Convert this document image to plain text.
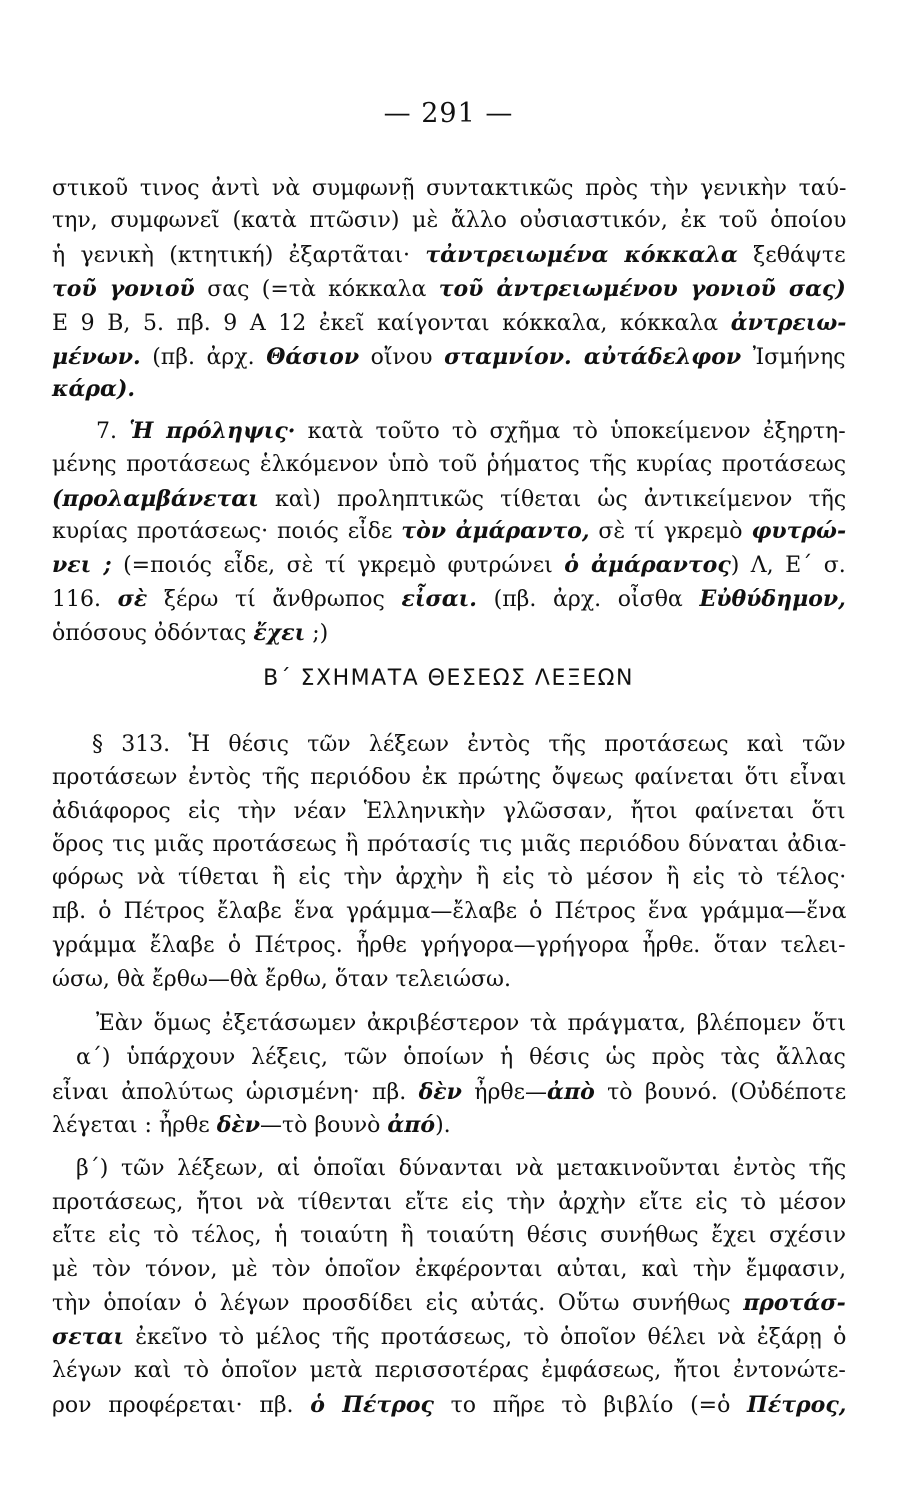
— 291 —
Β΄ ΣΧΗΜΑΤΑ ΘΕΣΕΩΣ ΛΕΞΕΩΝ
στικοῦ τινος ἀντὶ νὰ συμφωνῇ συντακτικῶς πρὸς τὴν γενικὴν ταύ-
την, συμφωνεῖ (κατὰ πτῶσιν) μὲ ἄλλο οὐσιαστικόν, ἐκ τοῦ ὁποίου
ἡ γενικὴ (κτητική) ἐξαρτᾶται· τἀντρειωμένα κόκκαλα ξεθάψτε
τοῦ γονιοῦ σας (=τὰ κόκκαλα τοῦ ἀντρειωμένου γονιοῦ σας)
Ε 9 Β, 5. πβ. 9 Α 12 ἐκεῖ καίγονται κόκκαλα, κόκκαλα ἀντρειω-
μένων. (πβ. ἀρχ. Θάσιον οἴνου σταμνίον. αὐτάδελφον Ἰσμήνης
κάρα).
7. Ἡ πρόληψις· κατὰ τοῦτο τὸ σχῆμα τὸ ὑποκείμενον ἐξηρτη-
μένης προτάσεως ἑλκόμενον ὑπὸ τοῦ ῥήματος τῆς κυρίας προτάσεως
(προλαμβάνεται καὶ) προληπτικῶς τίθεται ὡς ἀντικείμενον τῆς
κυρίας προτάσεως· ποιός εἶδε τὸν ἀμάραντο, σὲ τί γκρεμὸ φυτρώ-
νει ; (=ποιός εἶδε, σὲ τί γκρεμὸ φυτρώνει ὁ ἀμάραντος) Λ, Ε΄ σ.
116. σὲ ξέρω τί ἄνθρωπος εἶσαι. (πβ. ἀρχ. οἶσθα Εὐθύδημον,
ὁπόσους ὀδόντας ἔχει ;)
§ 313. Ἡ θέσις τῶν λέξεων ἐντὸς τῆς προτάσεως καὶ τῶν
προτάσεων ἐντὸς τῆς περιόδου ἐκ πρώτης ὄψεως φαίνεται ὅτι εἶναι
ἀδιάφορος εἰς τὴν νέαν Ἑλληνικὴν γλῶσσαν, ἤτοι φαίνεται ὅτι
ὅρος τις μιᾶς προτάσεως ἢ πρότασίς τις μιᾶς περιόδου δύναται ἀδια-
φόρως νὰ τίθεται ἢ εἰς τὴν ἀρχὴν ἢ εἰς τὸ μέσον ἢ εἰς τὸ τέλος·
πβ. ὁ Πέτρος ἔλαβε ἕνα γράμμα—ἔλαβε ὁ Πέτρος ἕνα γράμμα—ἕνα
γράμμα ἔλαβε ὁ Πέτρος. ἦρθε γρήγορα—γρήγορα ἦρθε. ὅταν τελει-
ώσω, θὰ ἔρθω—θὰ ἔρθω, ὅταν τελειώσω.
Ἐὰν ὅμως ἐξετάσωμεν ἀκριβέστερον τὰ πράγματα, βλέπομεν ὅτι
α΄) ὑπάρχουν λέξεις, τῶν ὁποίων ἡ θέσις ὡς πρὸς τὰς ἄλλας
εἶναι ἀπολύτως ὡρισμένη· πβ. δὲν ἦρθε—ἀπὸ τὸ βουνό. (Οὐδέποτε
λέγεται : ἦρθε δὲν—τὸ βουνὸ ἀπό).
β΄) τῶν λέξεων, αἱ ὁποῖαι δύνανται νὰ μετακινοῦνται ἐντὸς τῆς
προτάσεως, ἤτοι νὰ τίθενται εἴτε εἰς τὴν ἀρχὴν εἴτε εἰς τὸ μέσον
εἴτε εἰς τὸ τέλος, ἡ τοιαύτη ἢ τοιαύτη θέσις συνήθως ἔχει σχέσιν
μὲ τὸν τόνον, μὲ τὸν ὁποῖον ἐκφέρονται αὐται, καὶ τὴν ἔμφασιν,
τὴν ὁποίαν ὁ λέγων προσδίδει εἰς αὐτάς. Οὕτω συνήθως προτάσ-
σεται ἐκεῖνο τὸ μέλος τῆς προτάσεως, τὸ ὁποῖον θέλει νὰ ἐξάρῃ ὁ
λέγων καὶ τὸ ὁποῖον μετὰ περισσοτέρας ἐμφάσεως, ἤτοι ἐντονώτε-
ρον προφέρεται· πβ. ὁ Πέτρος το πῆρε τὸ βιβλίο (=ὁ Πέτρος,
